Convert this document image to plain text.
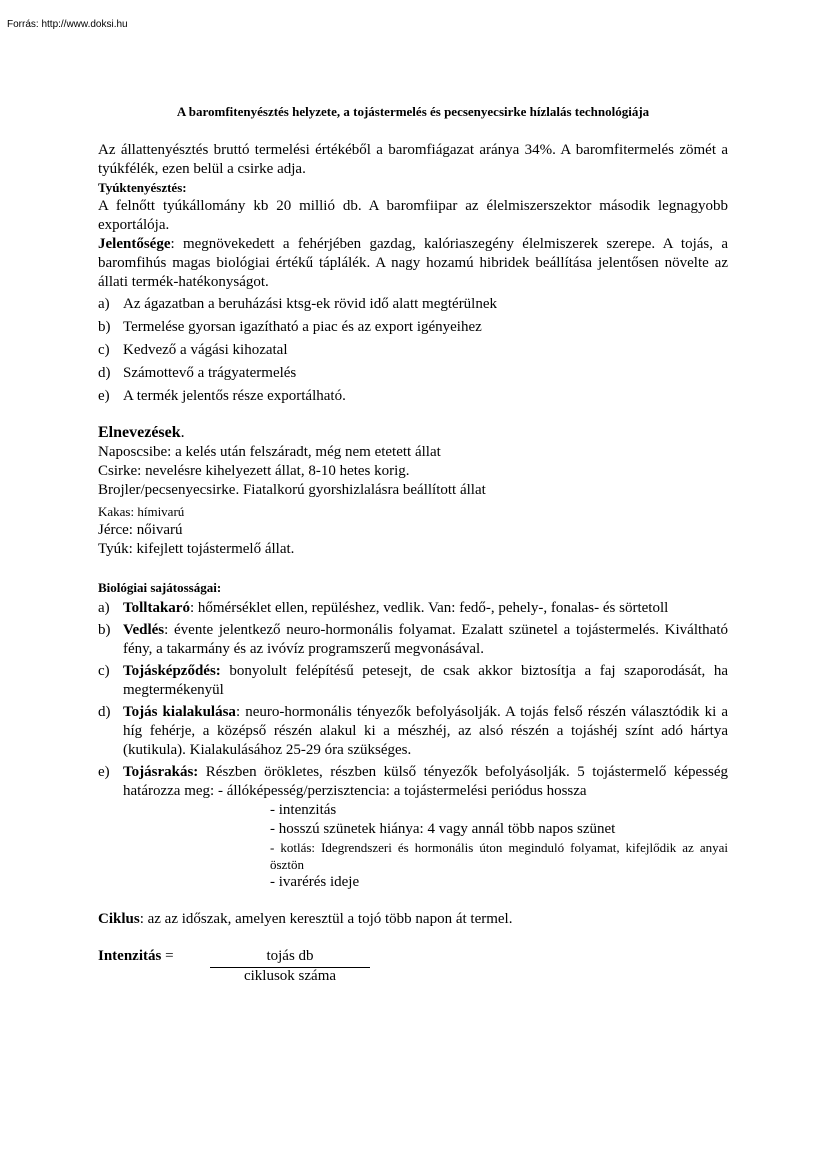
Forrás: http://www.doksi.hu
A baromfitenyésztés helyzete, a tojástermelés és pecsenyecsirke hízlalás technológiája

Az állattenyésztés bruttó termelési értékéből a baromfiágazat aránya 34%. A baromfitermelés zömét a tyúkfélék, ezen belül a csirke adja.

Tyúktenyésztés:

A felnőtt tyúkállomány kb 20 millió db. A baromfiipar az élelmiszerszektor második legnagyobb exportálója.

Jelentősége: megnövekedett a fehérjében gazdag, kalóriaszegény élelmiszerek szerepe. A tojás, a baromfihús magas biológiai értékű táplálék. A nagy hozamú hibridek beállítása jelentősen növelte az állati termék-hatékonyságot.

a) Az ágazatban a beruházási ktsg-ek rövid idő alatt megtérülnek
b) Termelése gyorsan igazítható a piac és az export igényeihez
c) Kedvező a vágási kihozatal
d) Számottevő a trágyatermelés
e) A termék jelentős része exportálható.

Elnevezések.

Naposcsibe: a kelés után felszáradt, még nem etetett állat

Csirke: nevelésre kihelyezett állat, 8-10 hetes korig.

Brojler/pecsenyecsirke. Fiatalkorú gyorshizlalásra beállított állat

Kakas: hímivarú

Jérce: nőivarú

Tyúk: kifejlett tojástermelő állat.

Biológiai sajátosságai:

a) Tolltakaró: hőmérséklet ellen, repüléshez, vedlik. Van: fedő-, pehely-, fonalas- és sörtetoll
b) Vedlés: évente jelentkező neuro-hormonális folyamat. Ezalatt szünetel a tojástermelés. Kiváltható fény, a takarmány és az ivóvíz programszerű megvonásával.
c) Tojásképződés: bonyolult felépítésű petesejt, de csak akkor biztosítja a faj szaporodását, ha megtermékenyül
d) Tojás kialakulása: neuro-hormonális tényezők befolyásolják. A tojás felső részén választódik ki a híg fehérje, a középső részén alakul ki a mészhéj, az alsó részén a tojáshéj színt adó hártya (kutikula). Kialakulásához 25-29 óra szükséges.
e) Tojásrakás: Részben örökletes, részben külső tényezők befolyásolják. 5 tojástermelő képesség határozza meg: - állóképesség/perzisztencia: a tojástermelési periódus hossza
- intenzitás
- hosszú szünetek hiánya: 4 vagy annál több napos szünet
- kotlás: Idegrendszeri és hormonális úton meginduló folyamat, kifejlődik az anyai ösztön
- ivarérés ideje

Ciklus: az az időszak, amelyen keresztül a tojó több napon át termel.

Intenzitás =	tojás db
ciklusok száma
